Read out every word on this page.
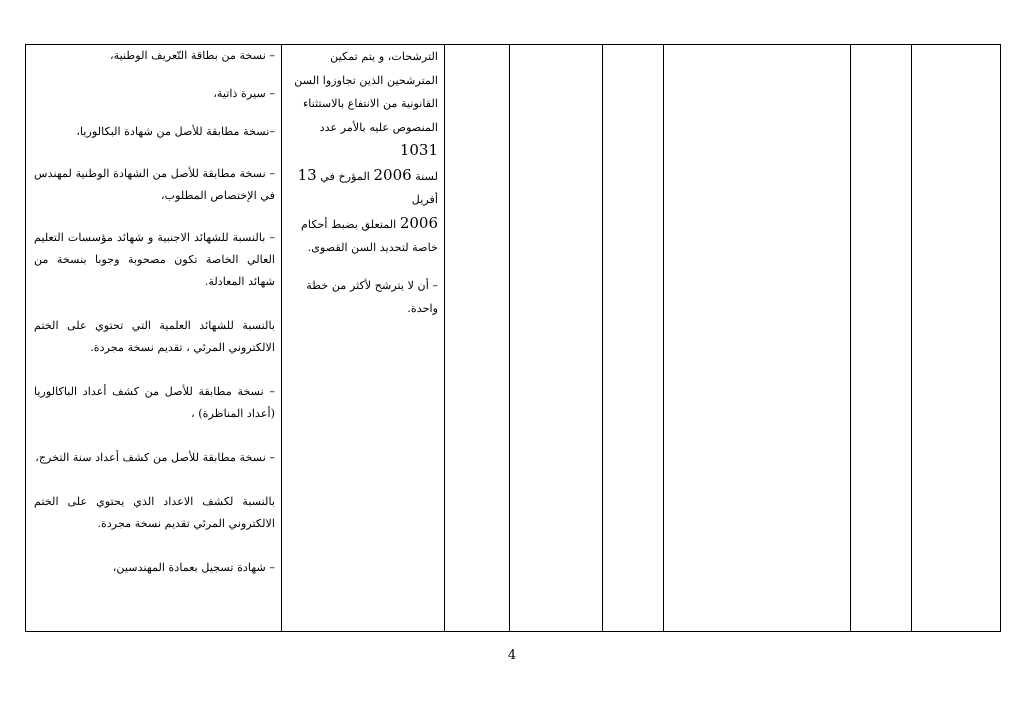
– نسخة من بطاقة التّعريف الوطنية،
– سيرة ذاتية،
–نسخة مطابقة للأصل من شهادة البكالوريا،
– نسخة مطابقة للأصل من الشهادة الوطنية لمهندس في الإختصاص المطلوب،
– بالنسبة للشهائد الاجنبية و شهائد مؤسسات التعليم العالي الخاصة تكون مصحوبة وجوبا بنسخة من شهائد المعادلة.
بالنسبة للشهائد العلمية التي تحتوي على الختم الالكتروني المرئي ، تقديم نسخة مجردة.
– نسخة مطابقة للأصل من كشف أعداد الباكالوريا (أعداد المناظرة) ،
– نسخة مطابقة للأصل من كشف أعداد سنة التخرج،
بالنسبة لكشف الاعداد الذي يحتوي على الختم الالكتروني المرئي تقديم نسخة مجردة.
– شهادة تسجيل بعمادة المهندسين،

الترشحات، و يتم تمكين
المترشحين الذين تجاوزوا السن
القانونية من الانتفاع بالاستثناء
المنصوص عليه بالأمر عدد 1031
لسنة 2006 المؤرخ في 13 أفريل
2006 المتعلق بضبط أحكام
خاصة لتحديد السن القصوى.
– أن لا يترشح لأكثر من خطة واحدة.

4
